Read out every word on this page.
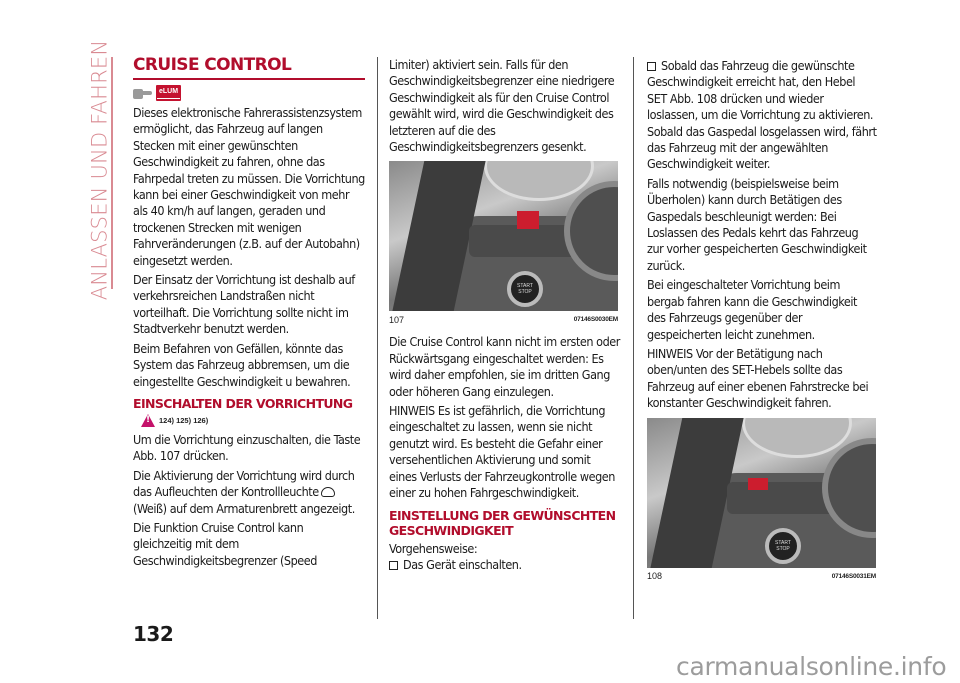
ANLASSEN UND FAHREN CRUISE CONTROL
eLUM

Dieses elektronische Fahrerassistenzsystem ermöglicht, das Fahrzeug auf langen Stecken mit einer gewünschten Geschwindigkeit zu fahren, ohne das Fahrpedal treten zu müssen. Die Vorrichtung kann bei einer Geschwindigkeit von mehr als 40 km/h auf langen, geraden und trockenen Strecken mit wenigen Fahrveränderungen (z.B. auf der Autobahn) eingesetzt werden.

Der Einsatz der Vorrichtung ist deshalb auf verkehrsreichen Landstraßen nicht vorteilhaft. Die Vorrichtung sollte nicht im Stadtverkehr benutzt werden.

Beim Befahren von Gefällen, könnte das System das Fahrzeug abbremsen, um die eingestellte Geschwindigkeit u bewahren.

EINSCHALTEN DER VORRICHTUNG
!
124) 125) 126)

Um die Vorrichtung einzuschalten, die Taste Abb. 107 drücken.

Die Aktivierung der Vorrichtung wird durch das Aufleuchten der Kontrollleuchte(Weiß) auf dem Armaturenbrett angezeigt.

Die Funktion Cruise Control kann gleichzeitig mit dem Geschwindigkeitsbegrenzer (Speed

Limiter) aktiviert sein. Falls für den Geschwindigkeitsbegrenzer eine niedrigere Geschwindigkeit als für den Cruise Control gewählt wird, wird die Geschwindigkeit des letzteren auf die des Geschwindigkeitsbegrenzers gesenkt.

START STOP
107	07146S0030EM

Die Cruise Control kann nicht im ersten oder Rückwärtsgang eingeschaltet werden: Es wird daher empfohlen, sie im dritten Gang oder höheren Gang einzulegen.

HINWEIS Es ist gefährlich, die Vorrichtung eingeschaltet zu lassen, wenn sie nicht genutzt wird. Es besteht die Gefahr einer versehentlichen Aktivierung und somit eines Verlusts der Fahrzeugkontrolle wegen einer zu hohen Fahrgeschwindigkeit.

EINSTELLUNG DER GEWÜNSCHTEN GESCHWINDIGKEIT

Vorgehensweise:

Das Gerät einschalten.

Sobald das Fahrzeug die gewünschte Geschwindigkeit erreicht hat, den Hebel SET Abb. 108 drücken und wieder loslassen, um die Vorrichtung zu aktivieren. Sobald das Gaspedal losgelassen wird, fährt das Fahrzeug mit der angewählten Geschwindigkeit weiter.

Falls notwendig (beispielsweise beim Überholen) kann durch Betätigen des Gaspedals beschleunigt werden: Bei Loslassen des Pedals kehrt das Fahrzeug zur vorher gespeicherten Geschwindigkeit zurück.

Bei eingeschalteter Vorrichtung beim bergab fahren kann die Geschwindigkeit des Fahrzeugs gegenüber der gespeicherten leicht zunehmen.

HINWEIS Vor der Betätigung nach oben/unten des SET-Hebels sollte das Fahrzeug auf einer ebenen Fahrstrecke bei konstanter Geschwindigkeit fahren.

START STOP
108	07146S0031EM
132
carmanualsonline.info
